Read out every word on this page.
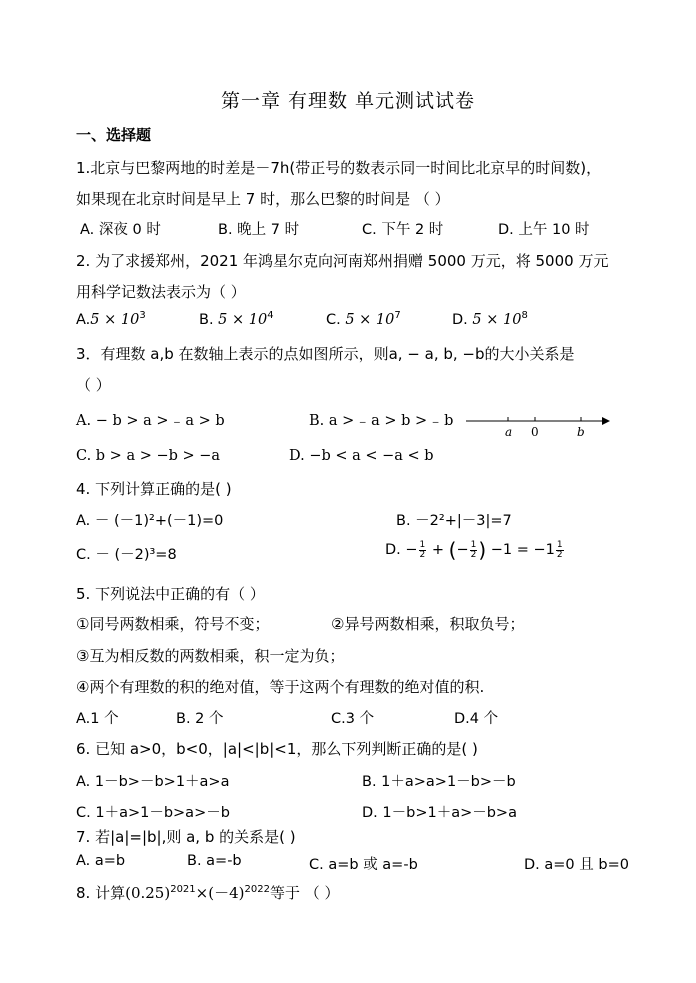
第一章 有理数 单元测试试卷
一、选择题
1.北京与巴黎两地的时差是－7h(带正号的数表示同一时间比北京早的时间数)，
如果现在北京时间是早上 7 时，那么巴黎的时间是 （ ）
A. 深夜 0 时	B. 晚上 7 时	C. 下午 2 时	D. 上午 10 时
2. 为了求援郑州，2021 年鸿星尔克向河南郑州捐赠 5000 万元，将 5000 万元
用科学记数法表示为（ ）
$A.5 \times 10^3$	B. $5 \times 10^4$	C. $5 \times 10^7$	D. $5 \times 10^8$
3．有理数 a,b 在数轴上表示的点如图所示，则a, − a, b, −b的大小关系是
（ ）
A. − b > a > ₋ a > b	B. a > ₋ a > b > ₋ b
C. b > a > −b > −a	D. −b < a < −a < b
a 0	b
4. 下列计算正确的是( )
A. － (－1)²+(－1)=0	B. －2²+|－3|=7
C. － (－2)³=8	D. − $\frac{1}{2}$ + (− $\frac{1}{2}$ ) $-1 = -1 \frac{1}{2}$
5. 下列说法中正确的有（ ）
①同号两数相乘，符号不变；	②异号两数相乘，积取负号；
③互为相反数的两数相乘，积一定为负；
④两个有理数的积的绝对值，等于这两个有理数的绝对值的积.
A.1 个	B. 2 个	C.3 个	D.4 个
6. 已知 a>0，b<0，|a|<|b|<1，那么下列判断正确的是( )
A. 1－b>－b>1＋a>a	B. 1＋a>a>1－b>－b
C. 1＋a>1－b>a>－b	D. 1－b>1＋a>－b>a
7. 若|a|=|b|,则 a, b 的关系是( )
A. a=b	B. a=-b	C. a=b 或 a=-b	D. a=0 且 b=0
8. 计算$(0.25)^{2021}\times(-4)^{2022}$等于 （ ）
